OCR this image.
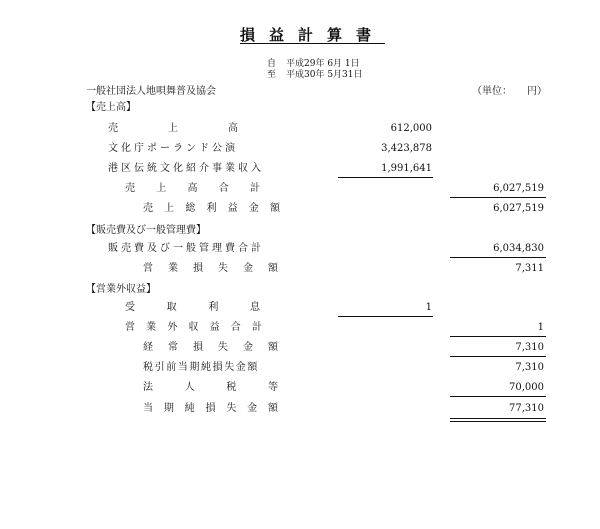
損益計算書
自 平成29年 6月 1日
至 平成30年 5月31日
一般社団法人地唄舞普及協会	（単位：　　円）
【売上高】
売	上	高	612,000
文化庁ポーランド公演	3,423,878
港区伝統文化紹介事業収入	1,991,641
売 上 高 合 計	6,027,519
売 上 総 利 益 金 額	6,027,519
【販売費及び一般管理費】
販売費及び一般管理費合計	6,034,830
営 業 損 失 金 額	7,311
【営業外収益】
受	取	利	息	1
営 業 外 収 益 合 計	1
経 常 損 失 金 額	7,310
税引前当期純損失金額	7,310
法	人	税	等	70,000
当 期 純 損 失 金 額	77,310
